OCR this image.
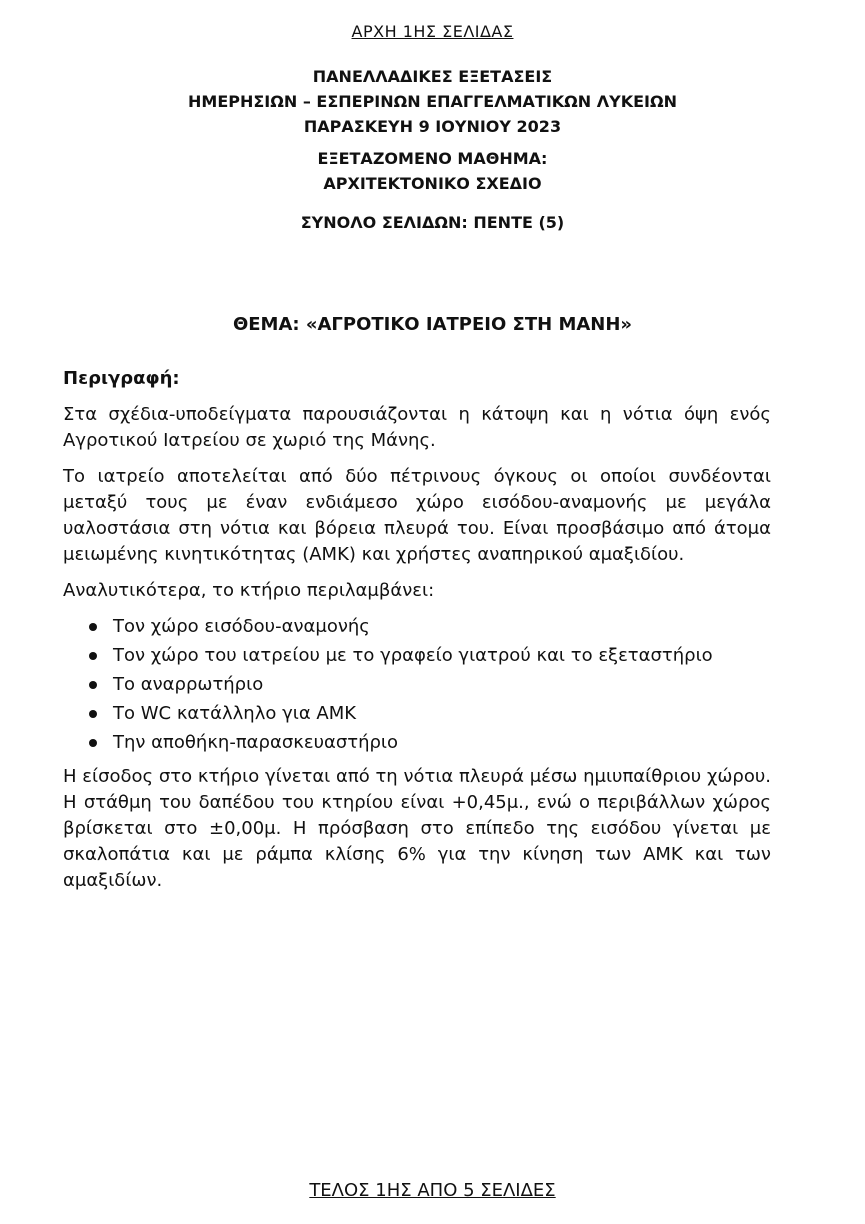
ΑΡΧΗ 1ΗΣ ΣΕΛΙΔΑΣ
ΠΑΝΕΛΛΑΔΙΚΕΣ ΕΞΕΤΑΣΕΙΣ
ΗΜΕΡΗΣΙΩΝ – ΕΣΠΕΡΙΝΩΝ ΕΠΑΓΓΕΛΜΑΤΙΚΩΝ ΛΥΚΕΙΩΝ
ΠΑΡΑΣΚΕΥΗ 9 ΙΟΥΝΙΟΥ 2023
ΕΞΕΤΑΖΟΜΕΝΟ ΜΑΘΗΜΑ:
ΑΡΧΙΤΕΚΤΟΝΙΚΟ ΣΧΕΔΙΟ
ΣΥΝΟΛΟ ΣΕΛΙΔΩΝ: ΠΕΝΤΕ (5)
ΘΕΜΑ: «ΑΓΡΟΤΙΚΟ ΙΑΤΡΕΙΟ ΣΤΗ ΜΑΝΗ»
Περιγραφή:

Στα σχέδια-υποδείγματα παρουσιάζονται η κάτοψη και η νότια όψη ενός Αγροτικού Ιατρείου σε χωριό της Μάνης.

Το ιατρείο αποτελείται από δύο πέτρινους όγκους οι οποίοι συνδέονται μεταξύ τους με έναν ενδιάμεσο χώρο εισόδου-αναμονής με μεγάλα υαλοστάσια στη νότια και βόρεια πλευρά του. Είναι προσβάσιμο από άτομα μειωμένης κινητικότητας (ΑΜΚ) και χρήστες αναπηρικού αμαξιδίου.

Αναλυτικότερα, το κτήριο περιλαμβάνει:

Τον χώρο εισόδου-αναμονής
Τον χώρο του ιατρείου με το γραφείο γιατρού και το εξεταστήριο
Το αναρρωτήριο
Το WC κατάλληλο για ΑΜΚ
Την αποθήκη-παρασκευαστήριο

Η είσοδος στο κτήριο γίνεται από τη νότια πλευρά μέσω ημιυπαίθριου χώρου. Η στάθμη του δαπέδου του κτηρίου είναι +0,45μ., ενώ ο περιβάλλων χώρος βρίσκεται στο ±0,00μ. Η πρόσβαση στο επίπεδο της εισόδου γίνεται με σκαλοπάτια και με ράμπα κλίσης 6% για την κίνηση των ΑΜΚ και των αμαξιδίων.

ΤΕΛΟΣ 1ΗΣ ΑΠΟ 5 ΣΕΛΙΔΕΣ
